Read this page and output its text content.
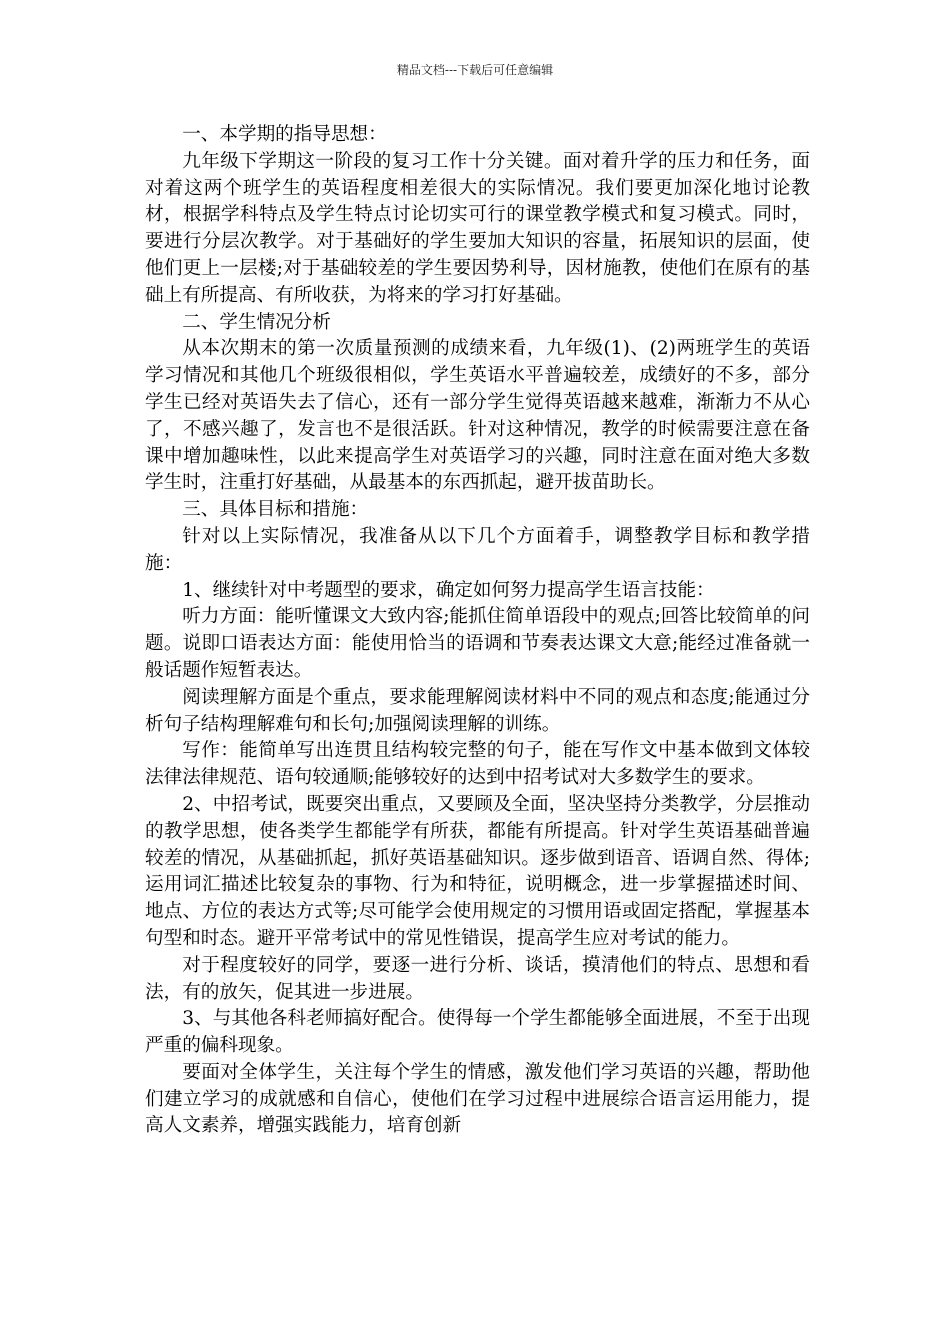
精品文档---下载后可任意编辑

一、本学期的指导思想：

九年级下学期这一阶段的复习工作十分关键。面对着升学的压力和任务，面对着这两个班学生的英语程度相差很大的实际情况。我们要更加深化地讨论教材，根据学科特点及学生特点讨论切实可行的课堂教学模式和复习模式。同时，要进行分层次教学。对于基础好的学生要加大知识的容量，拓展知识的层面，使他们更上一层楼;对于基础较差的学生要因势利导，因材施教，使他们在原有的基础上有所提高、有所收获，为将来的学习打好基础。

二、学生情况分析

从本次期末的第一次质量预测的成绩来看，九年级(1)、(2)两班学生的英语学习情况和其他几个班级很相似，学生英语水平普遍较差，成绩好的不多，部分学生已经对英语失去了信心，还有一部分学生觉得英语越来越难，渐渐力不从心了，不感兴趣了，发言也不是很活跃。针对这种情况，教学的时候需要注意在备课中增加趣味性，以此来提高学生对英语学习的兴趣，同时注意在面对绝大多数学生时，注重打好基础，从最基本的东西抓起，避开拔苗助长。

三、具体目标和措施：

针对以上实际情况，我准备从以下几个方面着手，调整教学目标和教学措施：

1、继续针对中考题型的要求，确定如何努力提高学生语言技能：

听力方面：能听懂课文大致内容;能抓住简单语段中的观点;回答比较简单的问题。说即口语表达方面：能使用恰当的语调和节奏表达课文大意;能经过准备就一般话题作短暂表达。

阅读理解方面是个重点，要求能理解阅读材料中不同的观点和态度;能通过分析句子结构理解难句和长句;加强阅读理解的训练。

写作：能简单写出连贯且结构较完整的句子，能在写作文中基本做到文体较法律法律规范、语句较通顺;能够较好的达到中招考试对大多数学生的要求。

2、中招考试，既要突出重点，又要顾及全面，坚决坚持分类教学，分层推动的教学思想，使各类学生都能学有所获，都能有所提高。针对学生英语基础普遍较差的情况，从基础抓起，抓好英语基础知识。逐步做到语音、语调自然、得体;运用词汇描述比较复杂的事物、行为和特征，说明概念，进一步掌握描述时间、地点、方位的表达方式等;尽可能学会使用规定的习惯用语或固定搭配，掌握基本句型和时态。避开平常考试中的常见性错误，提高学生应对考试的能力。

对于程度较好的同学，要逐一进行分析、谈话，摸清他们的特点、思想和看法，有的放矢，促其进一步进展。

3、与其他各科老师搞好配合。使得每一个学生都能够全面进展，不至于出现严重的偏科现象。

要面对全体学生，关注每个学生的情感，激发他们学习英语的兴趣，帮助他们建立学习的成就感和自信心，使他们在学习过程中进展综合语言运用能力，提高人文素养，增强实践能力，培育创新
